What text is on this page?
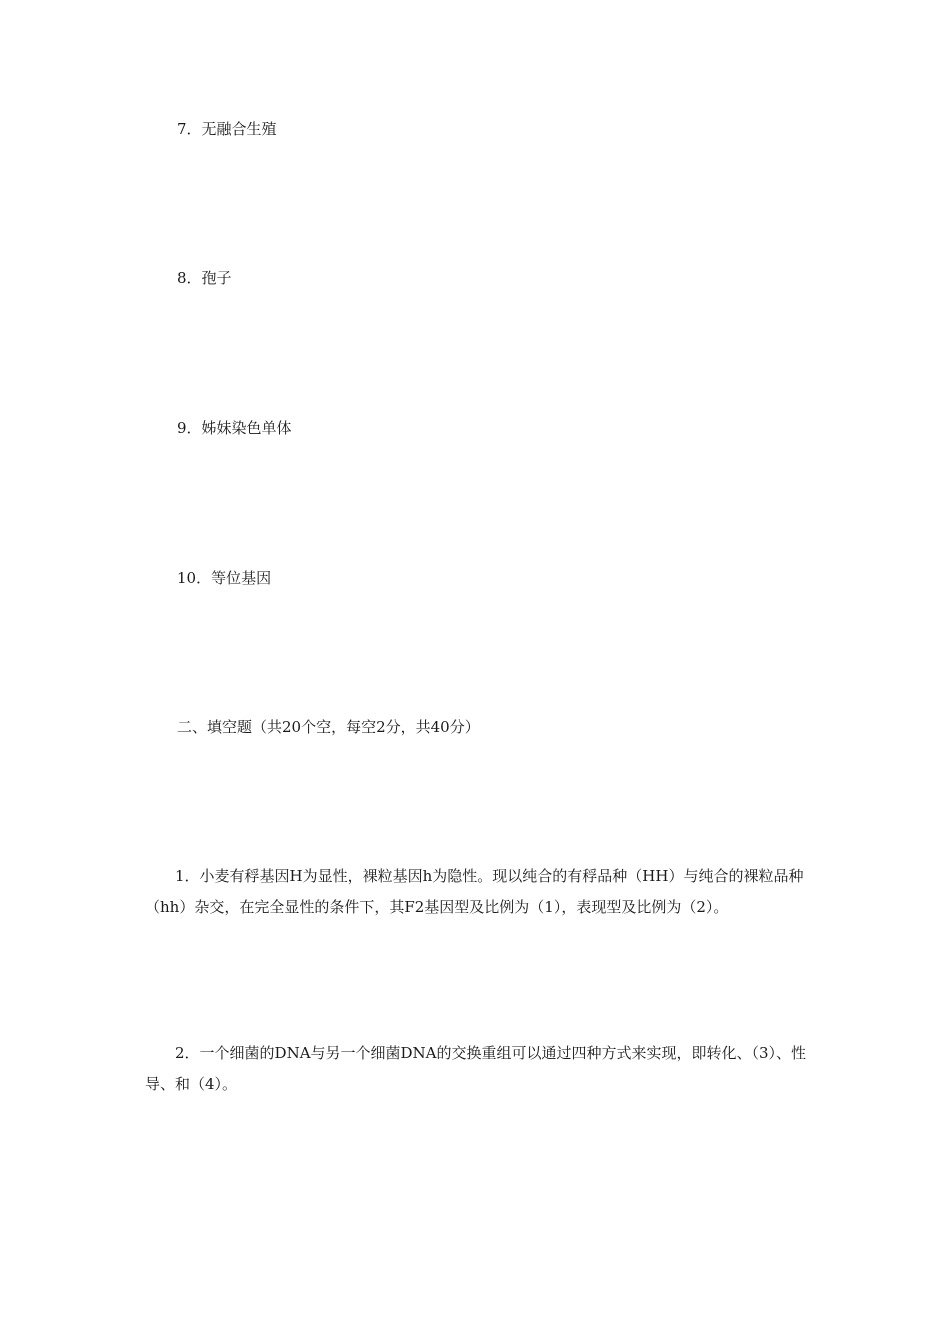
7．无融合生殖
8．孢子
9．姊妹染色单体
10．等位基因
二、填空题（共20个空，每空2分，共40分）
1．小麦有稃基因H为显性，裸粒基因h为隐性。现以纯合的有稃品种（HH）与纯合的裸粒品种（hh）杂交，在完全显性的条件下，其F2基因型及比例为（1），表现型及比例为（2）。
2．一个细菌的DNA与另一个细菌DNA的交换重组可以通过四种方式来实现，即转化、（3）、性导、和（4）。
